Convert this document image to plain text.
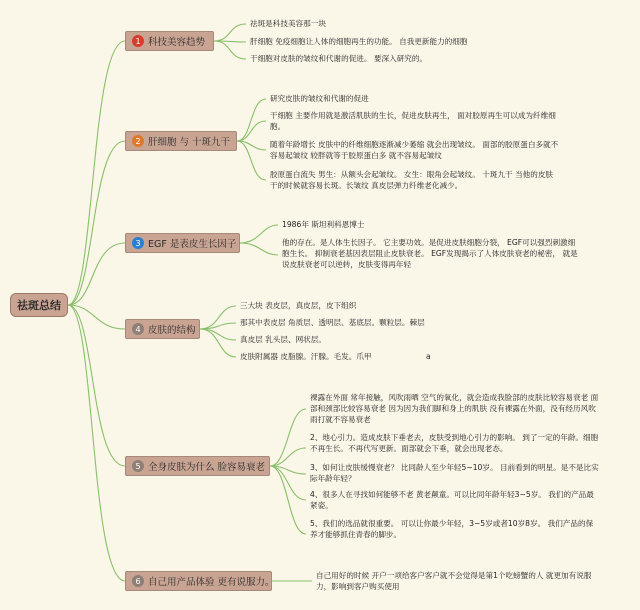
祛斑总结
1 科技美容趋势
祛斑是科技美容那一块
肝细胞 免疫细胞让人体的细胞再生的功能。 自我更新能力的细胞
干细胞对皮肤的皱纹和代谢的促进。 要深入研究的。
2 肝细胞 与 十斑九干
研究皮肤的皱纹和代谢的促进
干细胞 主要作用就是激活肌肤的生长，促进皮肤再生， 面对胶原再生可以成为纤维细胞。
随着年龄增长 皮肤中的纤维细胞逐渐减少萎缩 就会出现皱纹。 面部的胶原蛋白多就不容易起皱纹 较胖就等于胶原蛋白多 就不容易起皱纹
胶原蛋白流失 男生：从额头会起皱纹。 女生：眼角会起皱纹。 十斑九干 当他的皮肤干的时候就容易长斑。长皱纹 真皮层弹力纤维老化减少。
3 EGF 是表皮生长因子
1986年 斯坦利科恩博士
他的存在。是人体生长因子。 它主要功效。是促进皮肤细胞分裂， EGF可以强烈刺激细胞生长。 抑制衰老基因表层阻止皮肤衰老。 EGF发现揭示了人体皮肤衰老的秘密， 就是说皮肤衰老可以逆转，皮肤变得再年轻
4 皮肤的结构
三大块 表皮层，真皮层，皮下组织
那其中表皮层 角质层、透明层、基底层。颗粒层。棘层
真皮层 乳头层、网状层。
皮肤附属器 皮脂腺。汗腺。毛发。爪甲	a
5 全身皮肤为什么 脸容易衰老
裸露在外面 常年接触，风吹雨晒 空气的氧化，就会造成我脸部的皮肤比较容易衰老 面部和颈部比较容易衰老 因为因为我们脚和身上的肌肤 没有裸露在外面，没有经历风吹雨打就不容易衰老
2、地心引力。造成皮肤下垂老去，皮肤受到地心引力的影响。 到了一定的年龄。细胞不再生长。不再代写更新。面部就会下垂，就会出现老态。
3、如何让皮肤缓慢衰老？ 比同龄人至少年轻5~10岁。 目前看到的明星。是不是比实际年龄年轻？
4、很多人在寻找如何能够不老 黄老颠童。可以比同年龄年轻3~5岁。 我们的产品最紧姿。
5、我们的选品就很重要。 可以让你最少年轻，3~5岁或者10岁8岁。 我们产品的保养才能够抓住青春的脚步。
6 自己用产品体验 更有说服力。
自己用好的时候 开户一项给客户客户就不会觉得是第1个吃螃蟹的人 就更加有说服力，影响到客户购买使用
